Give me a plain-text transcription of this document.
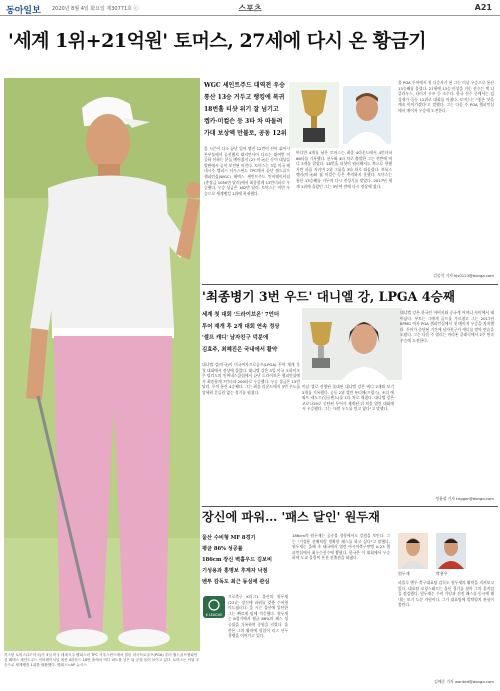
동아일보 2020년 8월 4일 화요일 제30771호 ⓒ	스포츠	A21
'세계 1위+21억원' 토머스, 27세에 다시 온 황금기
저스틴 토머스(27·미국)가 3일 미국 테네시주 멤피스의 TPC 사우스윈드에서 열린 미국프로골프(PGA) 투어 월드골프챔피언십 페덱스 세인트주드 인비테이셔널 최종 4라운드 18번 홀에서 버디 퍼트를 넣은 뒤 공을 들어 보이고 있다. 토머스는 이날 우승으로 세계랭킹 1위를 탈환했다. 멤피스=AP 뉴시스
WGC 세인트주드 대역전 우승
통산 13승 거두고 랭킹에 복귀
18번홀 티샷 위기 잘 넘기고
켑카·미컬슨 등 3타 차 따돌려
가대 보상액 만불로, 공동 12위
올 시즌이 다소 끝난 일어 뱉진 12번이 선이 휘어시 본부물에서 공선했지 대지인사이 다르는 대여번 이공하 선하는 분들 예어졌지 (27·미국)는 동이 대상들 발판에서 골이 보전된 이런다. 토머스는 3일 미국 테네시주 멤피스 사우스윈드 TPC에서 끝난 월드골프챔피언십(WGC) 페덱스 세인트주드 인비테이셔널(총상금 1050만 달러)에서 최종합계 13언더파로 우승했다. 우승 상금은 182만 달러. 토머스는 이번 우승으로 세계랭킹 1위에 복귀했다.
버디만 4개를 낚은 토머스는 최종 4라운드에서 4언더파 66타를 기록했다. 선두와 4타 차로 출발한 그는 전반에 버디 3개를 잡았다. 18번홀 티샷이 워터해저드 쪽으로 향했지만 파를 지키며 2위 그룹을 3타 차로 따돌렸다. 브룩스 켑카(미국)와 필 미컬슨 등은 추격하지 못했다. 토머스는 통산 13승째를 거두며 다시 전성기를 맞았다. 2017년 세계 1위에 올랐던 그는 3년여 만에 다시 정상에 섰다.
올 PGA 투어에서 첫 다승자가 된 그는 이날 우승으로 통산 13승째를 올렸다. 27세에 13승 이상을 거둔 선수는 잭 니클라우스, 타이거 우즈 등 소수다. 한국 선수 중에서는 임성재가 공동 12위로 대회를 마쳤다. 토머스는 "좋은 샷을 계속 이어가겠다"고 말했다. 그는 다음 주 PGA 챔피언십에서 메이저 우승에 도전한다.
김종석 기자 kjs0123@donga.com
'최종병기 3번 우드' 대니엘 강, LPGA 4승째
세계 첫 대회 '드라이브온' 7언더
투어 재개 후 2개 대회 연속 정상
'셀프 캐디' 남자친구 덕분에
김효주, 최혜진은 국내에서 활약
대니엘 강(미국)이 미국여자프로골프(LPGA) 투어 재개 후 첫 대회에서 정상에 올랐다. 대니엘 강은 3일 미국 오하이오주 털리도의 인버네스클럽에서 끝난 드라이브온 챔피언십에서 최종합계 7언더파 209타로 우승했다. 우승 상금은 15만 달러. 투어 통산 4승째다. 그는 최종 라운드에서 3번 우드를 앞세워 흔들림 없는 경기를 펼쳤다.
이날 셀로 진행된 물대된 대니엘 강은 버디 2개와 보기 2개를 기록했다. 공동 2위 셀린 부티에(프랑스), 조디 에와트 섀도프(잉글랜드)를 1타 차로 제쳤다. 대니엘 강은 코로나19로 중단된 투어가 재개된 뒤 처음 열린 대회에서 우승했다. 그는 "3번 우드를 믿고 쳤다"고 말했다.
대니엘 강은 한국인 아버지와 중국계 어머니 사이에서 태어났다. 부모는 그에게 골프를 가르쳤고 그는 2017년 KPMG 여자 PGA 챔피언십에서 첫 메이저 우승을 차지했다. 투어가 중단된 기간에 남자친구가 캐디를 맡아 연습을 도왔다. 그는 다음 주 열리는 마라톤 클래식에서 2주 연속 우승에 도전한다.
정윤철 기자 trigger@donga.com
장신에 파워… '패스 달인' 원두재
울산 수비형 MF 8경기
평균 86% 성공률
186cm 장신 벽홀우드 김보비
기성용과 홍명보 후계자 낙점
벤투 감독도 최근 동심에 관심
K LEAGUE
프로축구 K리그1 울산의 원두재(23)는 장신에 파워를 갖춘 수비형 미드필더다. 올 시즌 울산에 입단한 그는 빠르게 팀에 적응했다. 원두재는 8경기에서 평균 86%의 패스 성공률을 기록하며 중원을 지켰다. 울산은 그의 활약에 힘입어 리그 선두 경쟁을 이어가고 있다.
186cm의 원두재는 공중볼 경합에서도 강점을 보인다. 그는 "기성용 선배처럼 정확한 패스를 하고 싶다"고 말했다. 원두재는 올해 초 태국에서 열린 아시아축구연맹 U-23 챔피언십에서 최우수선수에 뽑혔다. 한국은 이 대회에서 우승하며 도쿄 올림픽 본선 진출권을 따냈다.
원두재	박용우
파울루 벤투 축구대표팀 감독도 원두재의 활약을 지켜보고 있다. 대표팀 코칭스태프는 울산 경기를 찾아 그의 움직임을 점검했다. 원두재는 수비 가담과 전진 패스를 동시에 해내는 보기 드문 자원이다. 그가 대표팀에 발탁될지 관심이 쏠린다.
김배중 기자 wanted@donga.com
